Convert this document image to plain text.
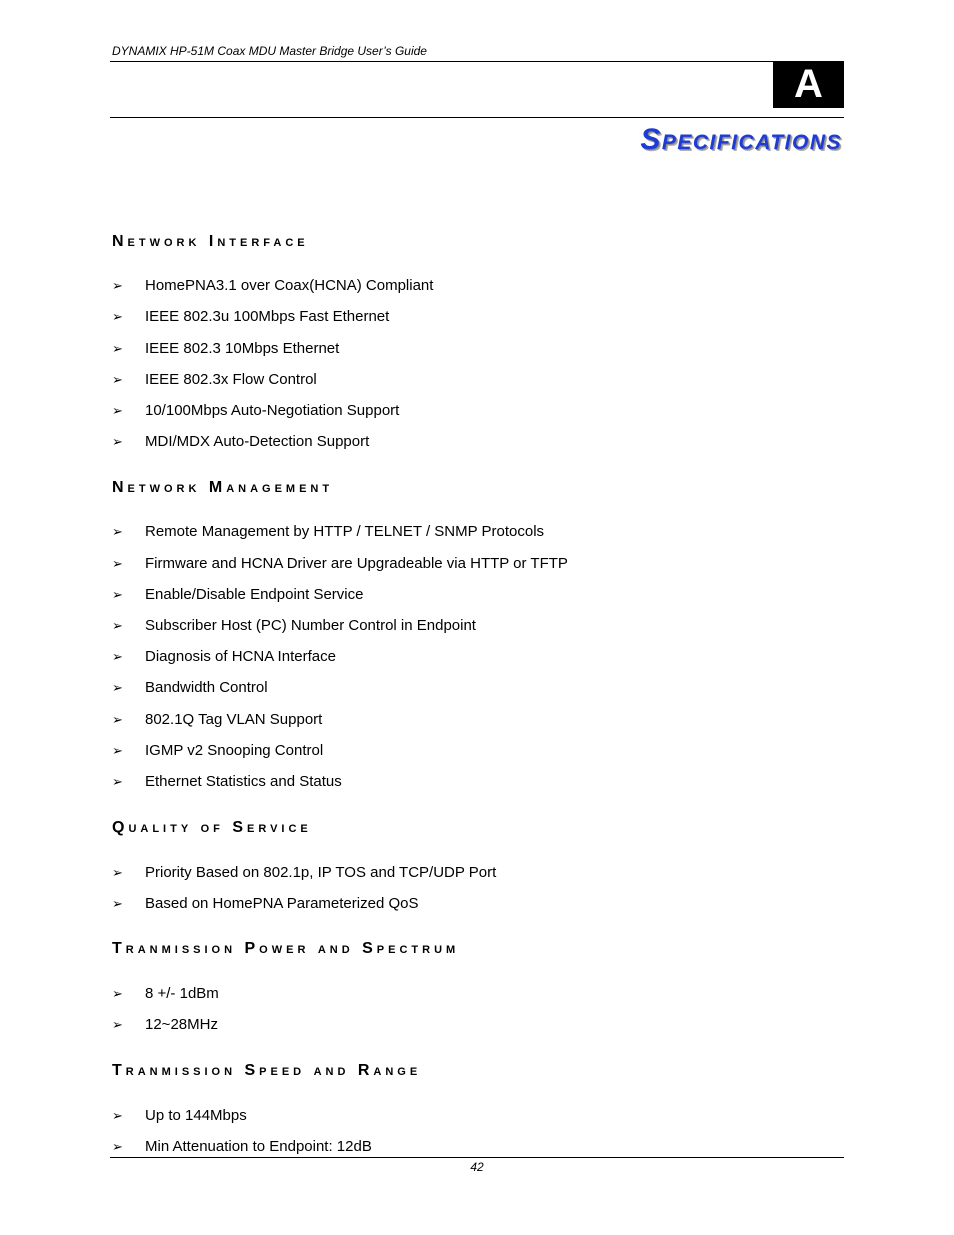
DYNAMIX HP-51M Coax MDU Master Bridge User’s Guide
A
Specifications
Network Interface
➢ HomePNA3.1 over Coax(HCNA) Compliant
➢ IEEE 802.3u 100Mbps Fast Ethernet
➢ IEEE 802.3 10Mbps Ethernet
➢ IEEE 802.3x Flow Control
➢ 10/100Mbps Auto-Negotiation Support
➢ MDI/MDX Auto-Detection Support
Network Management
➢ Remote Management by HTTP / TELNET / SNMP Protocols
➢ Firmware and HCNA Driver are Upgradeable via HTTP or TFTP
➢ Enable/Disable Endpoint Service
➢ Subscriber Host (PC) Number Control in Endpoint
➢ Diagnosis of HCNA Interface
➢ Bandwidth Control
➢ 802.1Q Tag VLAN Support
➢ IGMP v2 Snooping Control
➢ Ethernet Statistics and Status
Quality of Service
➢ Priority Based on 802.1p, IP TOS and TCP/UDP Port
➢ Based on HomePNA Parameterized QoS
Tranmission Power and Spectrum
➢ 8 +/- 1dBm
➢ 12~28MHz
Tranmission Speed and Range
➢ Up to 144Mbps
➢ Min Attenuation to Endpoint: 12dB
42
